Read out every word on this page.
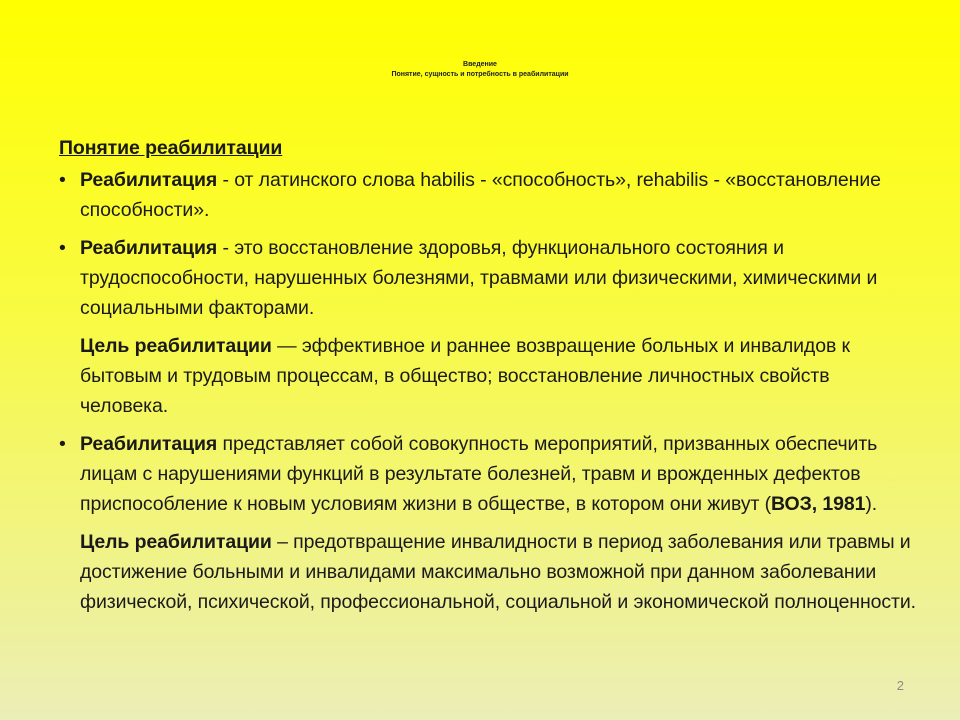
Введение
Понятие, сущность и потребность в реабилитации
Понятие реабилитации
• Реабилитация - от латинского слова habilis - «способность», rehabilis - «восстановление способности».
• Реабилитация - это восстановление здоровья, функционального состояния и трудоспособности, нарушенных болезнями, травмами или физическими, химическими и социальными факторами.
Цель реабилитации — эффективное и раннее возвращение больных и инвалидов к бытовым и трудовым процессам, в общество; восстановление личностных свойств человека.
• Реабилитация представляет собой совокупность мероприятий, призванных обеспечить лицам с нарушениями функций в результате болезней, травм и врожденных дефектов приспособление к новым условиям жизни в обществе, в котором они живут (ВОЗ, 1981).
Цель реабилитации – предотвращение инвалидности в период заболевания или травмы и достижение больными и инвалидами максимально возможной при данном заболевании физической, психической, профессиональной, социальной и экономической полноценности.
2
